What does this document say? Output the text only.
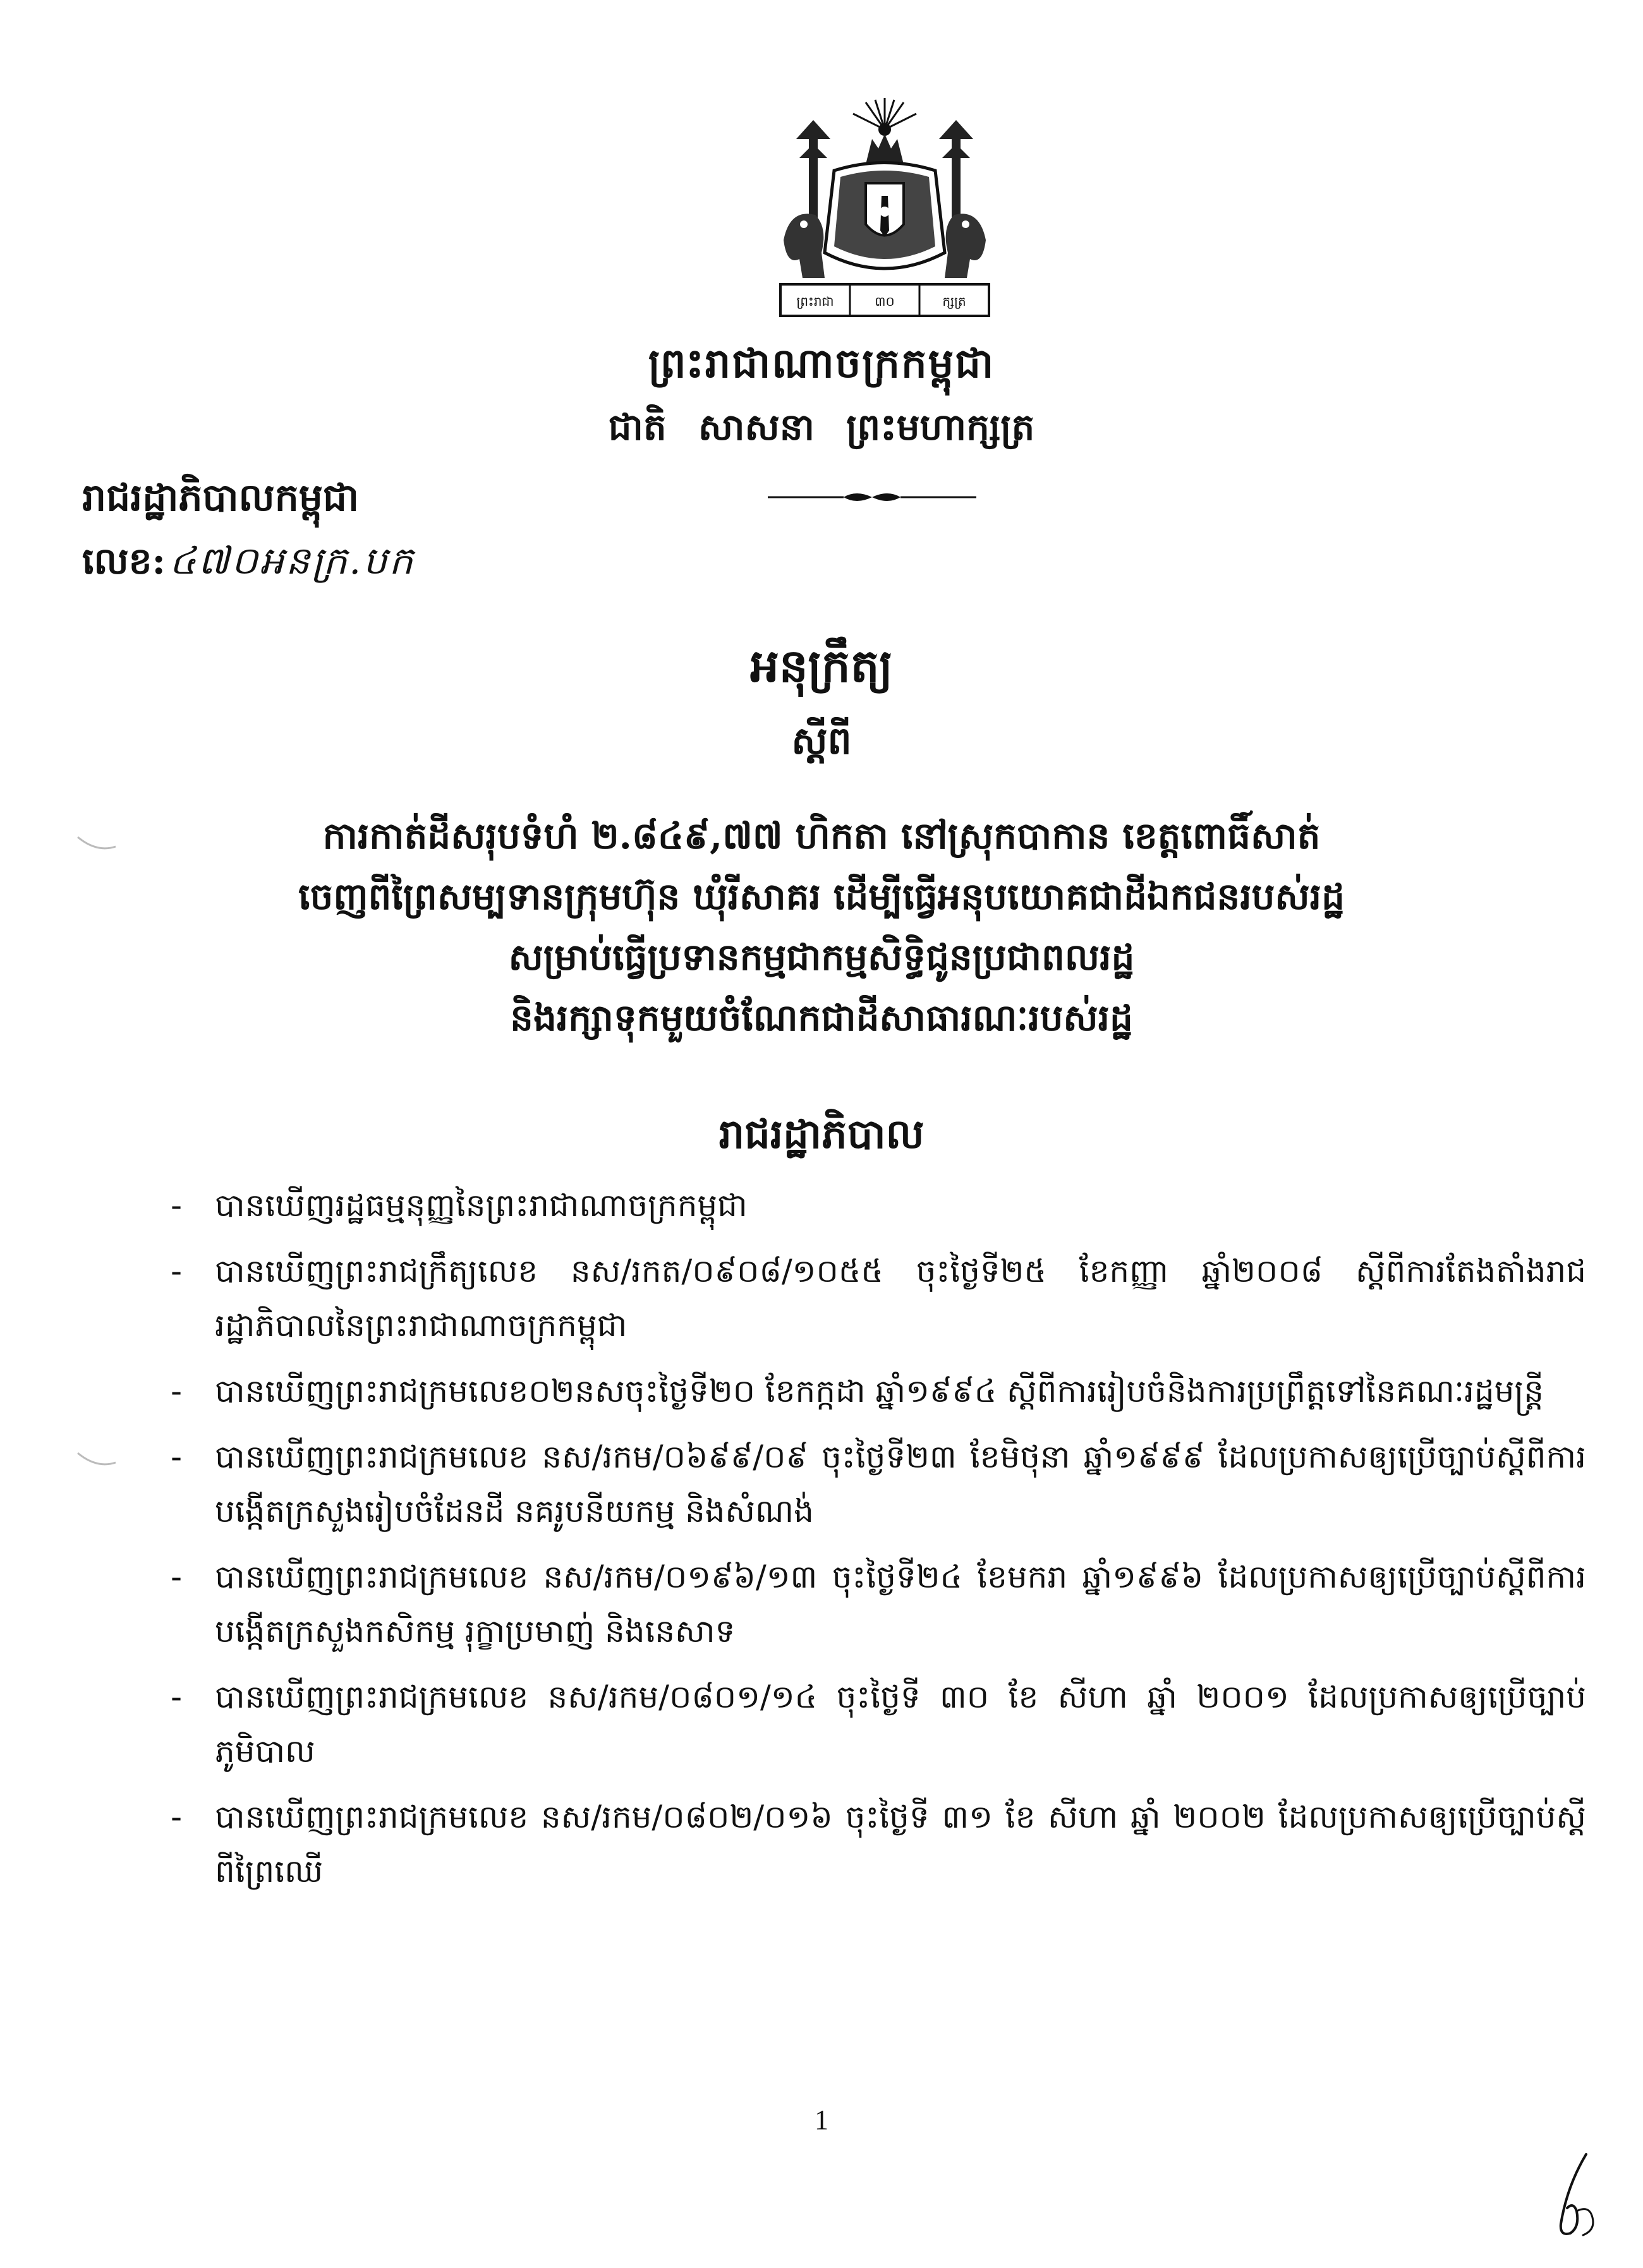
ព្រះរាជា	៣០	ក្សត្រ
ព្រះរាជាណាចក្រកម្ពុជា
ជាតិ សាសនា ព្រះមហាក្សត្រ
រាជរដ្ឋាភិបាលកម្ពុជា
លេខ: ៤៧០អនក្រ.បក
អនុក្រឹត្យ
ស្តីពី
ការកាត់ដីសរុបទំហំ ២.៨៤៩,៧៧ ហិកតា នៅស្រុកបាកាន ខេត្តពោធិ៍សាត់
ចេញពីព្រៃសម្បទានក្រុមហ៊ុន ឃុំរីសាគរ ដើម្បីធ្វើអនុបយោគជាដីឯកជនរបស់រដ្ឋ
សម្រាប់ធ្វើប្រទានកម្មជាកម្មសិទ្ធិជូនប្រជាពលរដ្ឋ
និងរក្សាទុកមួយចំណែកជាដីសាធារណៈរបស់រដ្ឋ
រាជរដ្ឋាភិបាល
- បានឃើញរដ្ឋធម្មនុញ្ញនៃព្រះរាជាណាចក្រកម្ពុជា
- បានឃើញព្រះរាជក្រឹត្យលេខ នស/រកត/០៩០៨/១០៥៥ ចុះថ្ងៃទី២៥ ខែកញ្ញា ឆ្នាំ២០០៨ ស្តីពីការតែងតាំងរាជរដ្ឋាភិបាលនៃព្រះរាជាណាចក្រកម្ពុជា
- បានឃើញព្រះរាជក្រមលេខ០២នសចុះថ្ងៃទី២០ ខែកក្កដា ឆ្នាំ១៩៩៤ ស្តីពីការរៀបចំនិងការប្រព្រឹត្តទៅនៃគណៈរដ្ឋមន្ត្រី
- បានឃើញព្រះរាជក្រមលេខ នស/រកម/០៦៩៩/០៩ ចុះថ្ងៃទី២៣ ខែមិថុនា ឆ្នាំ១៩៩៩ ដែលប្រកាសឲ្យប្រើច្បាប់ស្តីពីការបង្កើតក្រសួងរៀបចំដែនដី នគរូបនីយកម្ម និងសំណង់
- បានឃើញព្រះរាជក្រមលេខ នស/រកម/០១៩៦/១៣ ចុះថ្ងៃទី២៤ ខែមករា ឆ្នាំ១៩៩៦ ដែលប្រកាសឲ្យប្រើច្បាប់ស្តីពីការបង្កើតក្រសួងកសិកម្ម រុក្ខាប្រមាញ់ និងនេសាទ
- បានឃើញព្រះរាជក្រមលេខ នស/រកម/០៨០១/១៤ ចុះថ្ងៃទី ៣០ ខែ សីហា ឆ្នាំ ២០០១ ដែលប្រកាសឲ្យប្រើច្បាប់ភូមិបាល
- បានឃើញព្រះរាជក្រមលេខ នស/រកម/០៨០២/០១៦ ចុះថ្ងៃទី ៣១ ខែ សីហា ឆ្នាំ ២០០២ ដែលប្រកាសឲ្យប្រើច្បាប់ស្តីពីព្រៃឈើ
1
